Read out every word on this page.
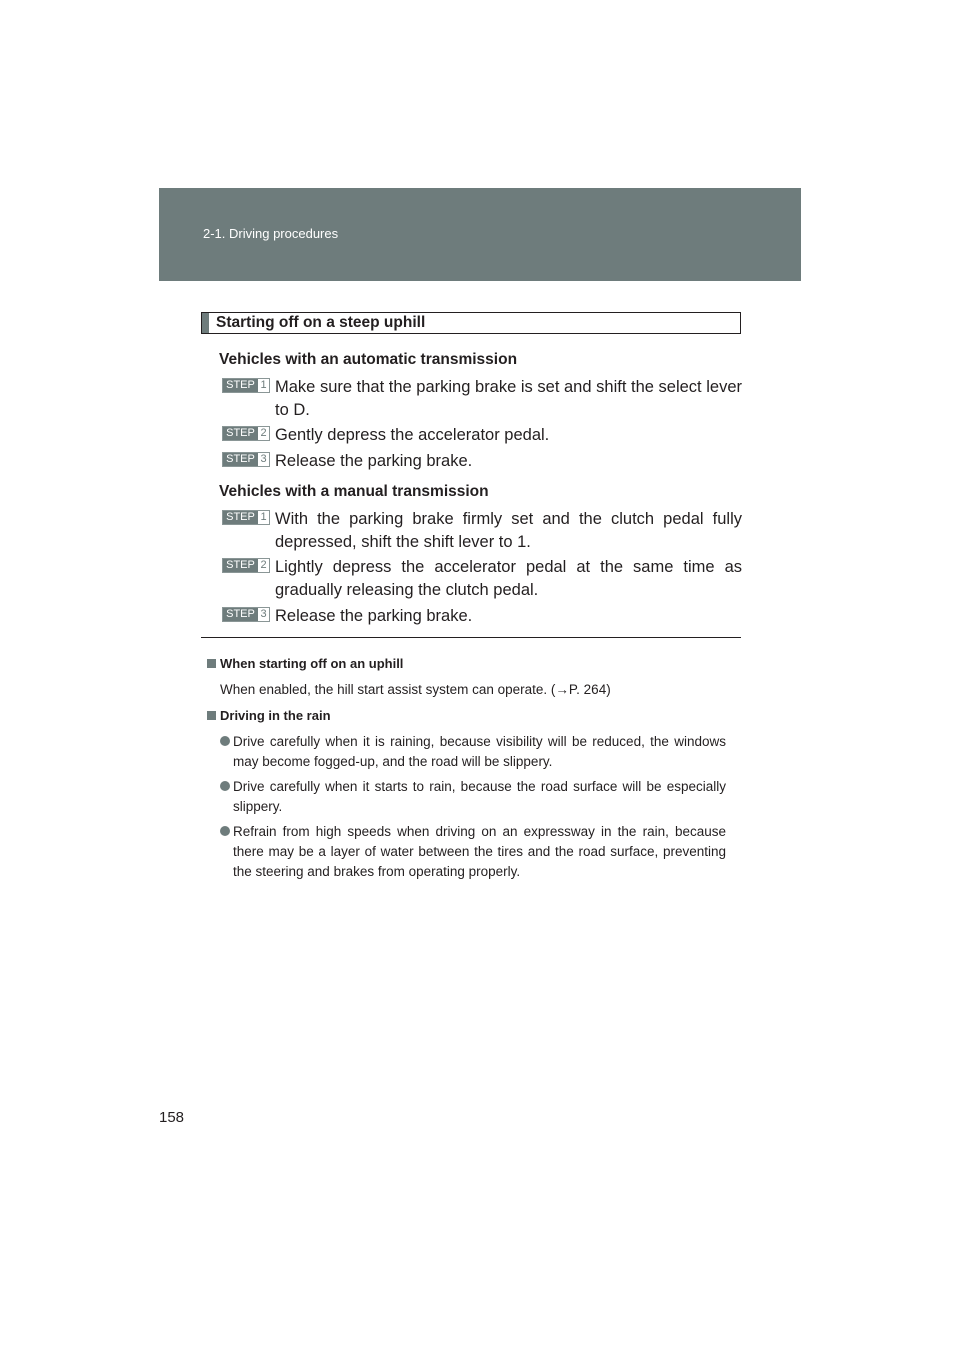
2-1. Driving procedures
Starting off on a steep uphill
Vehicles with an automatic transmission
STEP 1 Make sure that the parking brake is set and shift the select lever to D.
STEP 2 Gently depress the accelerator pedal.
STEP 3 Release the parking brake.
Vehicles with a manual transmission
STEP 1 With the parking brake firmly set and the clutch pedal fully depressed, shift the shift lever to 1.
STEP 2 Lightly depress the accelerator pedal at the same time as gradually releasing the clutch pedal.
STEP 3 Release the parking brake.
When starting off on an uphill
When enabled, the hill start assist system can operate. (→P. 264)
Driving in the rain
Drive carefully when it is raining, because visibility will be reduced, the windows may become fogged-up, and the road will be slippery.
Drive carefully when it starts to rain, because the road surface will be especially slippery.
Refrain from high speeds when driving on an expressway in the rain, because there may be a layer of water between the tires and the road surface, preventing the steering and brakes from operating properly.
158
